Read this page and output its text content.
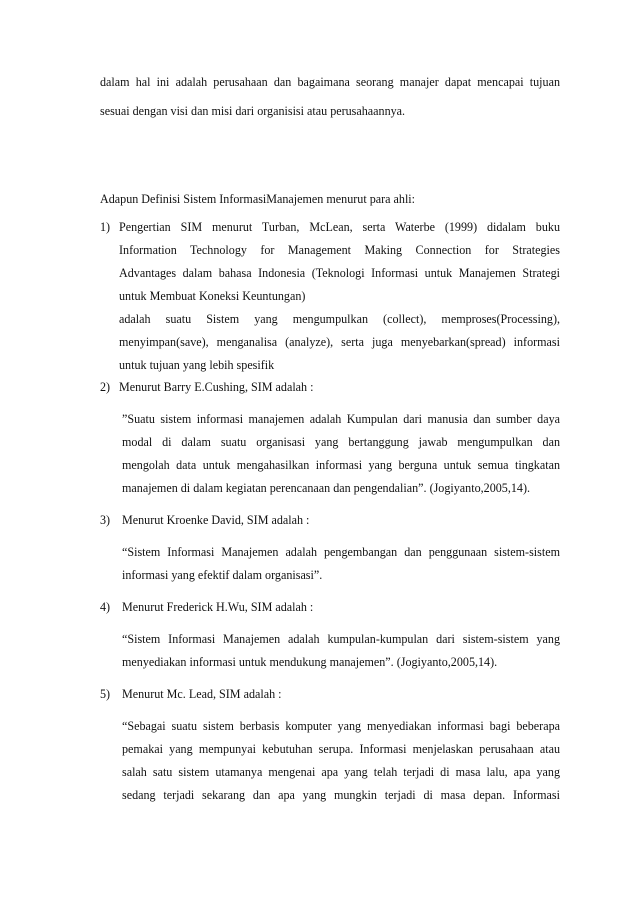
dalam hal ini adalah perusahaan dan bagaimana seorang manajer dapat mencapai tujuan
sesuai dengan visi dan misi dari organisisi atau perusahaannya.
Adapun Definisi Sistem InformasiManajemen menurut para ahli:
1) Pengertian SIM menurut Turban, McLean, serta Waterbe (1999) didalam buku
Information Technology for Management Making Connection for Strategies
Advantages dalam bahasa Indonesia (Teknologi Informasi untuk Manajemen Strategi
untuk Membuat Koneksi Keuntungan)
adalah suatu Sistem yang mengumpulkan (collect), memproses(Processing),
menyimpan(save), menganalisa (analyze), serta juga menyebarkan(spread) informasi
untuk tujuan yang lebih spesifik
2) Menurut Barry E.Cushing, SIM adalah :
”Suatu sistem informasi manajemen adalah Kumpulan dari manusia dan sumber daya
modal di dalam suatu organisasi yang bertanggung jawab mengumpulkan dan
mengolah data untuk mengahasilkan informasi yang berguna untuk semua tingkatan
manajemen di dalam kegiatan perencanaan dan pengendalian”. (Jogiyanto,2005,14).
3) Menurut Kroenke David, SIM adalah :
“Sistem Informasi Manajemen adalah pengembangan dan penggunaan sistem-sistem
informasi yang efektif dalam organisasi”.
4) Menurut Frederick H.Wu, SIM adalah :
“Sistem Informasi Manajemen adalah kumpulan-kumpulan dari sistem-sistem yang
menyediakan informasi untuk mendukung manajemen”. (Jogiyanto,2005,14).
5) Menurut Mc. Lead, SIM adalah :
“Sebagai suatu sistem berbasis komputer yang menyediakan informasi bagi beberapa
pemakai yang mempunyai kebutuhan serupa. Informasi menjelaskan perusahaan atau
salah satu sistem utamanya mengenai apa yang telah terjadi di masa lalu, apa yang
sedang terjadi sekarang dan apa yang mungkin terjadi di masa depan. Informasi
